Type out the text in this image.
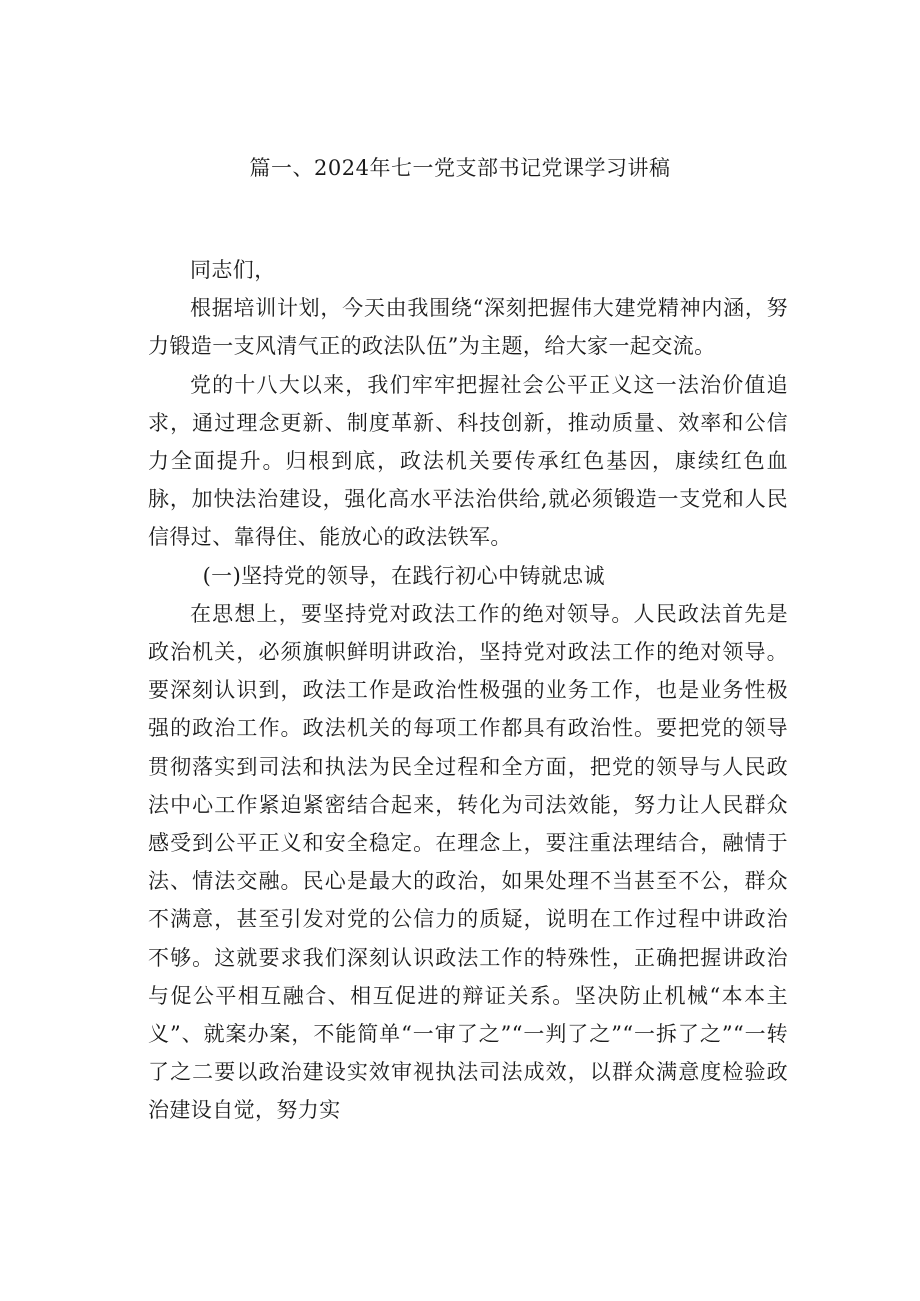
篇一、2024年七一党支部书记党课学习讲稿

同志们，

根据培训计划，今天由我围绕“深刻把握伟大建党精神内涵，努力锻造一支风清气正的政法队伍”为主题，给大家一起交流。

党的十八大以来，我们牢牢把握社会公平正义这一法治价值追求，通过理念更新、制度革新、科技创新，推动质量、效率和公信力全面提升。归根到底，政法机关要传承红色基因，康续红色血脉，加快法治建设，强化高水平法治供给,就必须锻造一支党和人民信得过、靠得住、能放心的政法铁军。

(一)坚持党的领导，在践行初心中铸就忠诚

在思想上，要坚持党对政法工作的绝对领导。人民政法首先是政治机关，必须旗帜鲜明讲政治，坚持党对政法工作的绝对领导。要深刻认识到，政法工作是政治性极强的业务工作，也是业务性极强的政治工作。政法机关的每项工作都具有政治性。要把党的领导贯彻落实到司法和执法为民全过程和全方面，把党的领导与人民政法中心工作紧迫紧密结合起来，转化为司法效能，努力让人民群众感受到公平正义和安全稳定。在理念上，要注重法理结合，融情于法、情法交融。民心是最大的政治，如果处理不当甚至不公，群众不满意，甚至引发对党的公信力的质疑，说明在工作过程中讲政治不够。这就要求我们深刻认识政法工作的特殊性，正确把握讲政治与促公平相互融合、相互促进的辩证关系。坚决防止机械“本本主义”、就案办案，不能简单“一审了之”“一判了之”“一拆了之”“一转了之二要以政治建设实效审视执法司法成效，以群众满意度检验政治建设自觉，努力实
